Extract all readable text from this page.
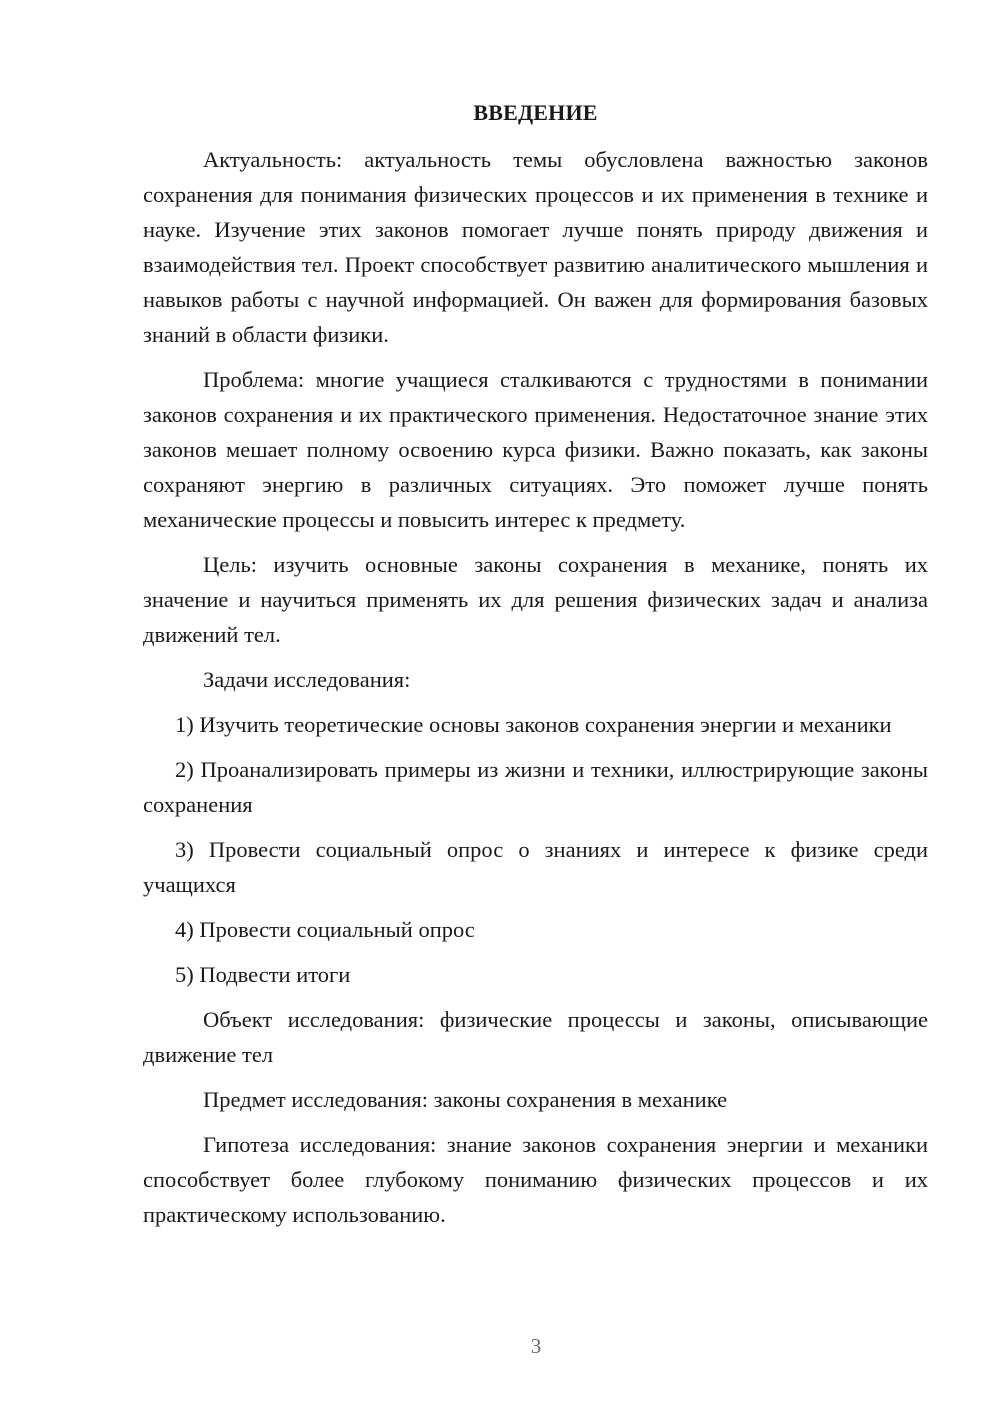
ВВЕДЕНИЕ

Актуальность: актуальность темы обусловлена важностью законов сохранения для понимания физических процессов и их применения в технике и науке. Изучение этих законов помогает лучше понять природу движения и взаимодействия тел. Проект способствует развитию аналитического мышления и навыков работы с научной информацией. Он важен для формирования базовых знаний в области физики.

Проблема: многие учащиеся сталкиваются с трудностями в понимании законов сохранения и их практического применения. Недостаточное знание этих законов мешает полному освоению курса физики. Важно показать, как законы сохраняют энергию в различных ситуациях. Это поможет лучше понять механические процессы и повысить интерес к предмету.

Цель: изучить основные законы сохранения в механике, понять их значение и научиться применять их для решения физических задач и анализа движений тел.

Задачи исследования:

1) Изучить теоретические основы законов сохранения энергии и механики

2) Проанализировать примеры из жизни и техники, иллюстрирующие законы сохранения

3) Провести социальный опрос о знаниях и интересе к физике среди учащихся

4) Провести социальный опрос

5) Подвести итоги

Объект исследования: физические процессы и законы, описывающие движение тел

Предмет исследования: законы сохранения в механике

Гипотеза исследования: знание законов сохранения энергии и механики способствует более глубокому пониманию физических процессов и их практическому использованию.

3
